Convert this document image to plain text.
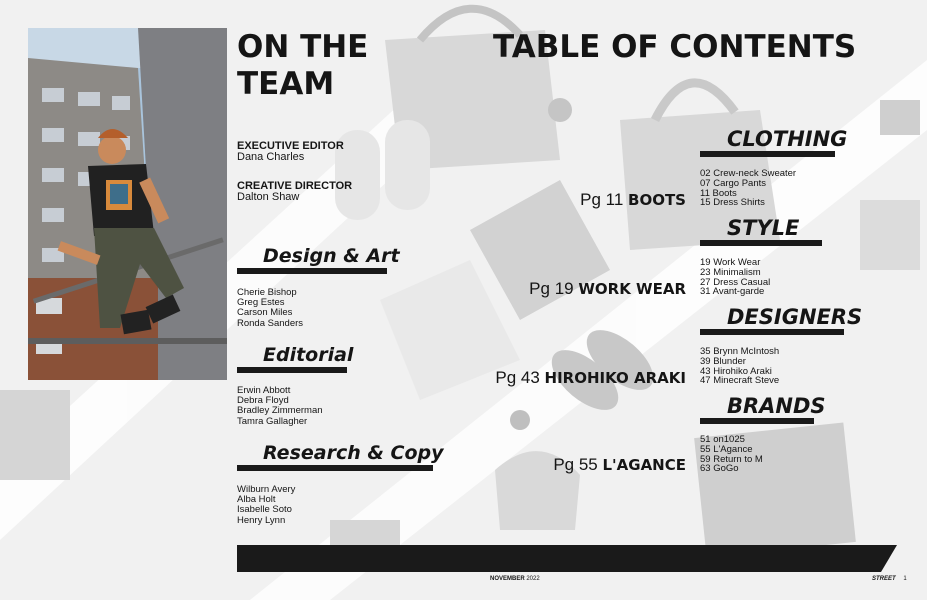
ON THE
TEAM
EXECUTIVE EDITOR
Dana Charles
CREATIVE DIRECTOR
Dalton Shaw
Design & Art
Cherie Bishop
Greg Estes
Carson Miles
Ronda Sanders
Editorial
Erwin Abbott
Debra Floyd
Bradley Zimmerman
Tamra Gallagher
Research & Copy
Wilburn Avery
Alba Holt
Isabelle Soto
Henry Lynn
TABLE OF CONTENTS
Pg 11 BOOTS
Pg 19 WORK WEAR
Pg 43 HIROHIKO ARAKI
Pg 55 L'AGANCE
CLOTHING
02 Crew-neck Sweater
07 Cargo Pants
11 Boots
15 Dress Shirts
STYLE
19 Work Wear
23 Minimalism
27 Dress Casual
31 Avant-garde
DESIGNERS
35 Brynn McIntosh
39 Blunder
43 Hirohiko Araki
47 Minecraft Steve
BRANDS
51 on1025
55 L'Agance
59 Return to M
63 GoGo
NOVEMBER 2022	STREET 1
